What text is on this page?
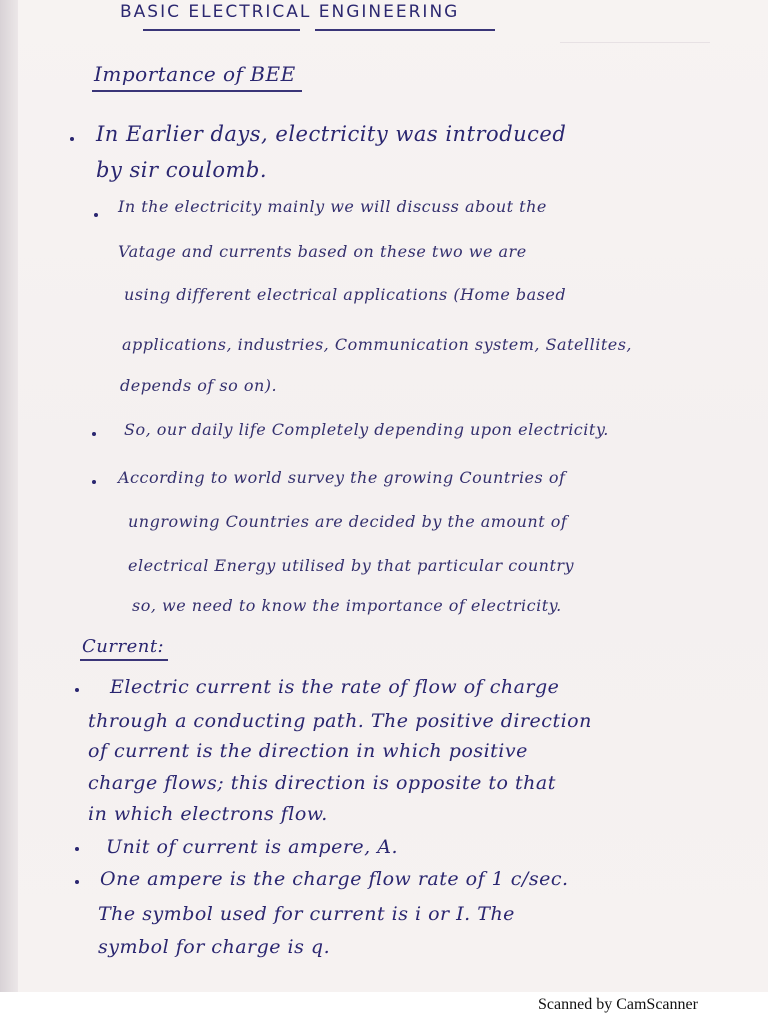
BASIC ELECTRICAL ENGINEERING
Importance of BEE
In Earlier days, electricity was introduced
by sir coulomb.
In the electricity mainly we will discuss about the
Vatage and currents based on these two we are
using different electrical applications (Home based
applications, industries, Communication system, Satellites,
depends of so on).
So, our daily life Completely depending upon electricity.
According to world survey the growing Countries of
ungrowing Countries are decided by the amount of
electrical Energy utilised by that particular country
so, we need to know the importance of electricity.
Current:
Electric current is the rate of flow of charge
through a conducting path. The positive direction
of current is the direction in which positive
charge flows; this direction is opposite to that
in which electrons flow.
Unit of current is ampere, A.
One ampere is the charge flow rate of 1 c/sec.
The symbol used for current is i or I. The
symbol for charge is q.
Scanned by CamScanner
